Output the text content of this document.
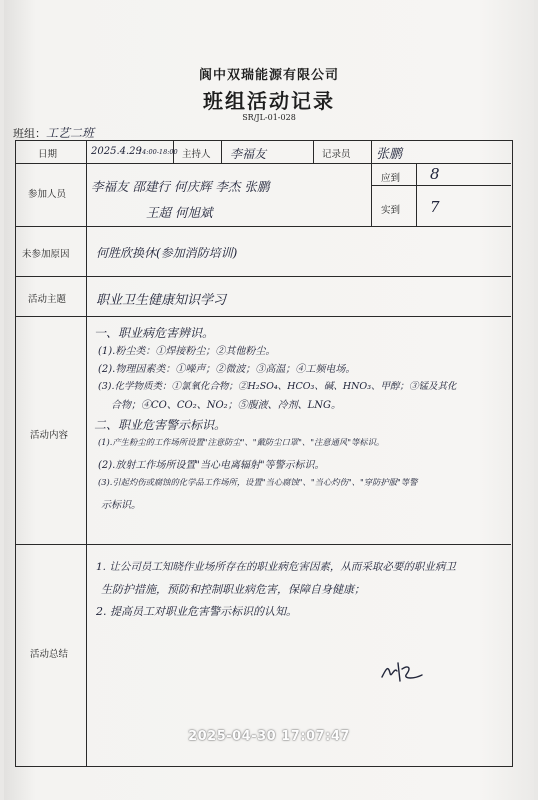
阆中双瑞能源有限公司
班组活动记录
SR/JL-01-028
班组：工艺二班
日期	2025.4.29
14:00-18:00 主持人 李福友	记录员 张鹏
参加人员
李福友 邵建行 何庆辉 李杰 张鹏
王超 何旭斌
应到 8
实到 7
未参加原因 何胜欣换休(参加消防培训)
活动主题 职业卫生健康知识学习
活动内容
一、职业病危害辨识。
(1).粉尘类：①焊接粉尘；②其他粉尘。
(2).物理因素类：①噪声；②微波；③高温；④工频电场。
(3).化学物质类：①氯氧化合物；②H₂SO₄、HCO₃、碱、HNO₃、甲醇；③锰及其化
合物；④CO、CO₂、NO₂；⑤腹液、冷剂、LNG。
二、职业危害警示标识。
(1).产生粉尘的工作场所设置"注意防尘"、"戴防尘口罩"、"注意通风"等标识。
(2).放射工作场所设置"当心电离辐射"等警示标识。
(3).引起灼伤或腐蚀的化学品工作场所，设置"当心腐蚀"、"当心灼伤"、"穿防护服"等警
示标识。
活动总结
1. 让公司员工知晓作业场所存在的职业病危害因素，从而采取必要的职业病卫
生防护措施，预防和控制职业病危害，保障自身健康；
2. 提高员工对职业危害警示标识的认知。
2025-04-30 17:07:47
